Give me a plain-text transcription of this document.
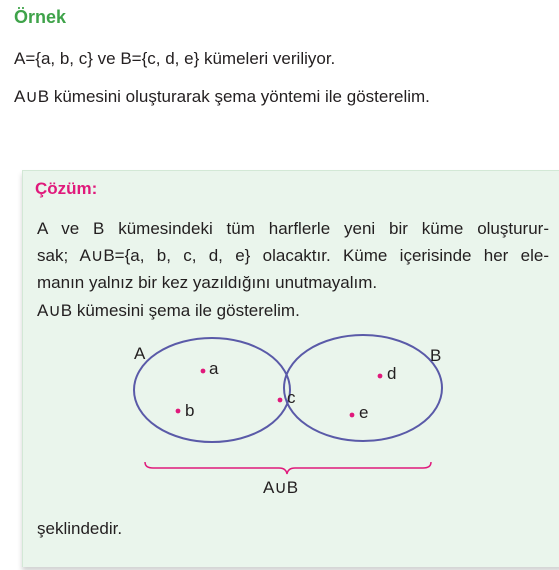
Örnek
A={a, b, c} ve B={c, d, e} kümeleri veriliyor.
A∪B kümesini oluşturarak şema yöntemi ile gösterelim.
Çözüm:
A ve B kümesindeki tüm harflerle yeni bir küme oluşturur-
sak; A∪B={a, b, c, d, e} olacaktır. Küme içerisinde her ele-
manın yalnız bir kez yazıldığını unutmayalım.
A∪B kümesini şema ile gösterelim.
A	B
a
b
c
d
e
A∪B
şeklindedir.
